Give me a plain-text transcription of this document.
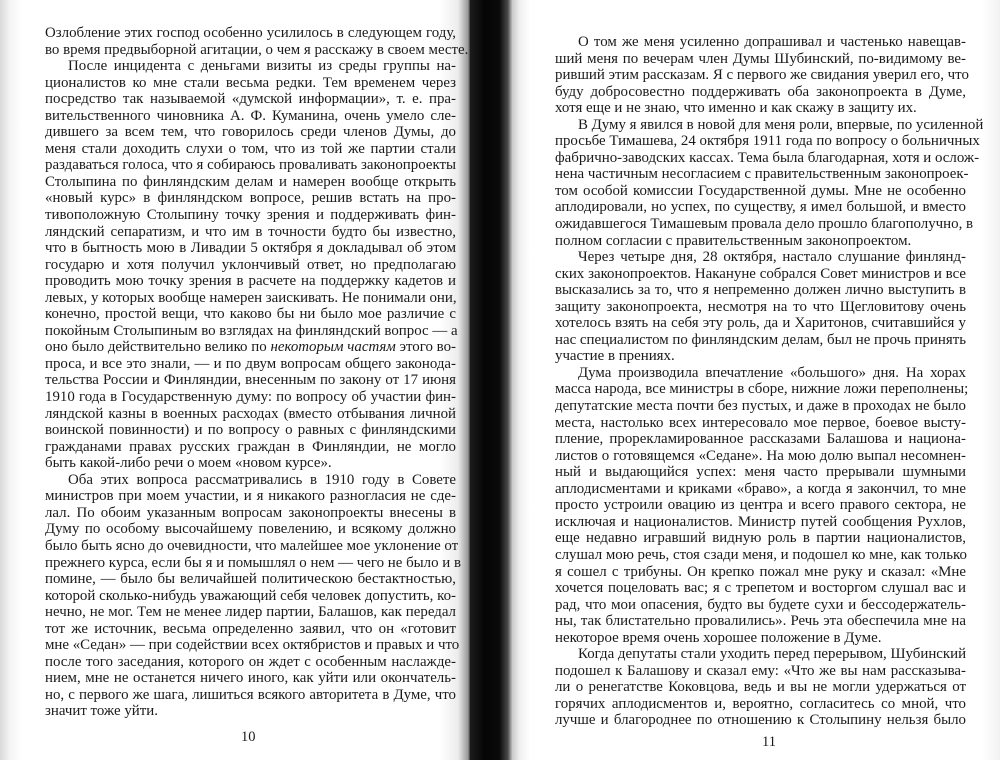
Озлобление этих господ особенно усилилось в следующем году,
во время предвыборной агитации, о чем я расскажу в своем месте.
После инцидента с деньгами визиты из среды группы на-
ционалистов ко мне стали весьма редки. Тем временем через
посредство так называемой «думской информации», т. е. пра-
вительственного чиновника А. Ф. Куманина, очень умело сле-
дившего за всем тем, что говорилось среди членов Думы, до
меня стали доходить слухи о том, что из той же партии стали
раздаваться голоса, что я собираюсь проваливать законопроекты
Столыпина по финляндским делам и намерен вообще открыть
«новый курс» в финляндском вопросе, решив встать на про-
тивоположную Столыпину точку зрения и поддерживать фин-
ляндский сепаратизм, и что им в точности будто бы известно,
что в бытность мою в Ливадии 5 октября я докладывал об этом
государю и хотя получил уклончивый ответ, но предполагаю
проводить мою точку зрения в расчете на поддержку кадетов и
левых, у которых вообще намерен заискивать. Не понимали они,
конечно, простой вещи, что каково бы ни было мое различие с
покойным Столыпиным во взглядах на финляндский вопрос — а
оно было действительно велико по некоторым частям этого во-
проса, и все это знали, — и по двум вопросам общего законода-
тельства России и Финляндии, внесенным по закону от 17 июня
1910 года в Государственную думу: по вопросу об участии фин-
ляндской казны в военных расходах (вместо отбывания личной
воинской повинности) и по вопросу о равных с финляндскими
гражданами правах русских граждан в Финляндии, не могло
быть какой-либо речи о моем «новом курсе».
Оба этих вопроса рассматривались в 1910 году в Совете
министров при моем участии, и я никакого разногласия не сде-
лал. По обоим указанным вопросам законопроекты внесены в
Думу по особому высочайшему повелению, и всякому должно
было быть ясно до очевидности, что малейшее мое уклонение от
прежнего курса, если бы я и помышлял о нем — чего не было и в
помине, — было бы величайшей политическою бестактностью,
которой сколько-нибудь уважающий себя человек допустить, ко-
нечно, не мог. Тем не менее лидер партии, Балашов, как передал
тот же источник, весьма определенно заявил, что он «готовит
мне «Седан» — при содействии всех октябристов и правых и что
после того заседания, которого он ждет с особенным наслажде-
нием, мне не останется ничего иного, как уйти или окончатель-
но, с первого же шага, лишиться всякого авторитета в Думе, что
значит тоже уйти.
10
О том же меня усиленно допрашивал и частенько навещав-
ший меня по вечерам член Думы Шубинский, по-видимому ве-
ривший этим рассказам. Я с первого же свидания уверил его, что
буду добросовестно поддерживать оба законопроекта в Думе,
хотя еще и не знаю, что именно и как скажу в защиту их.
В Думу я явился в новой для меня роли, впервые, по усиленной
просьбе Тимашева, 24 октября 1911 года по вопросу о больничных
фабрично-заводских кассах. Тема была благодарная, хотя и ослож-
нена частичным несогласием с правительственным законопроек-
том особой комиссии Государственной думы. Мне не особенно
аплодировали, но успех, по существу, я имел большой, и вместо
ожидавшегося Тимашевым провала дело прошло благополучно, в
полном согласии с правительственным законопроектом.
Через четыре дня, 28 октября, настало слушание финлянд-
ских законопроектов. Накануне собрался Совет министров и все
высказались за то, что я непременно должен лично выступить в
защиту законопроекта, несмотря на то что Щегловитову очень
хотелось взять на себя эту роль, да и Харитонов, считавшийся у
нас специалистом по финляндским делам, был не прочь принять
участие в прениях.
Дума производила впечатление «большого» дня. На хорах
масса народа, все министры в сборе, нижние ложи переполнены;
депутатские места почти без пустых, и даже в проходах не было
места, настолько всех интересовало мое первое, боевое высту-
пление, прорекламированное рассказами Балашова и национа-
листов о готовящемся «Седане». На мою долю выпал несомнен-
ный и выдающийся успех: меня часто прерывали шумными
аплодисментами и криками «браво», а когда я закончил, то мне
просто устроили овацию из центра и всего правого сектора, не
исключая и националистов. Министр путей сообщения Рухлов,
еще недавно игравший видную роль в партии националистов,
слушал мою речь, стоя сзади меня, и подошел ко мне, как только
я сошел с трибуны. Он крепко пожал мне руку и сказал: «Мне
хочется поцеловать вас; я с трепетом и восторгом слушал вас и
рад, что мои опасения, будто вы будете сухи и бессодержатель-
ны, так блистательно провалились». Речь эта обеспечила мне на
некоторое время очень хорошее положение в Думе.
Когда депутаты стали уходить перед перерывом, Шубинский
подошел к Балашову и сказал ему: «Что же вы нам рассказыва-
ли о ренегатстве Коковцова, ведь и вы не могли удержаться от
горячих аплодисментов и, вероятно, согласитесь со мной, что
лучше и благороднее по отношению к Столыпину нельзя было
11
